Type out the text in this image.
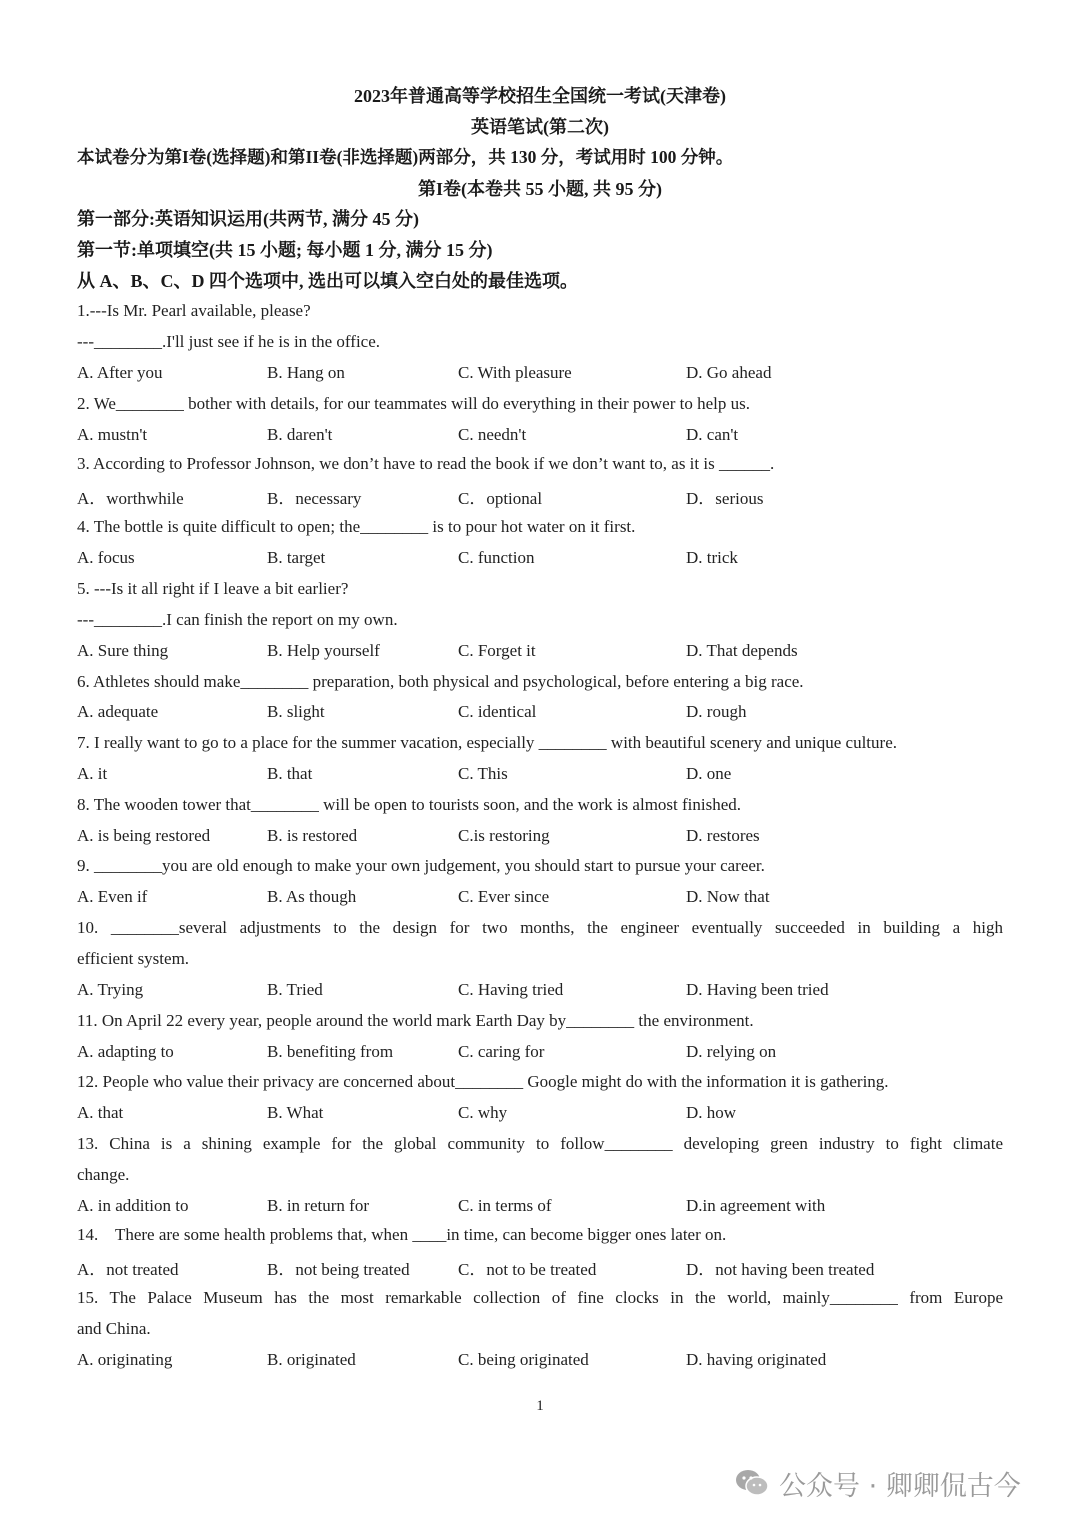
2023年普通高等学校招生全国统一考试(天津卷)
英语笔试(第二次)
本试卷分为第I卷(选择题)和第II卷(非选择题)两部分，共 130 分，考试用时 100 分钟。
第I卷(本卷共 55 小题, 共 95 分)
第一部分:英语知识运用(共两节, 满分 45 分)
第一节:单项填空(共 15 小题; 每小题 1 分, 满分 15 分)
从 A、B、C、D 四个选项中, 选出可以填入空白处的最佳选项。
1.---Is Mr. Pearl available, please?
---________.I'll just see if he is in the office.
A. After you	B. Hang on	C. With pleasure	D. Go ahead
2. We________ bother with details, for our teammates will do everything in their power to help us.
A. mustn't	B. daren't	C. needn't	D. can't
3. According to Professor Johnson, we don’t have to read the book if we don’t want to, as it is ______.
A．worthwhile	B．necessary	C．optional	D．serious
4. The bottle is quite difficult to open; the________ is to pour hot water on it first.
A. focus	B. target	C. function	D. trick
5. ---Is it all right if I leave a bit earlier?
---________.I can finish the report on my own.
A. Sure thing	B. Help yourself	C. Forget it	D. That depends
6. Athletes should make________ preparation, both physical and psychological, before entering a big race.
A. adequate	B. slight	C. identical	D. rough
7. I really want to go to a place for the summer vacation, especially ________ with beautiful scenery and unique culture.
A. it	B. that	C. This	D. one
8. The wooden tower that________ will be open to tourists soon, and the work is almost finished.
A. is being restored	B. is restored	C.is restoring	D. restores
9. ________you are old enough to make your own judgement, you should start to pursue your career.
A. Even if	B. As though	C. Ever since	D. Now that
10. ________several adjustments to the design for two months, the engineer eventually succeeded in building a high
efficient system.
A. Trying	B. Tried	C. Having tried	D. Having been tried
11. On April 22 every year, people around the world mark Earth Day by________ the environment.
A. adapting to	B. benefiting from	C. caring for	D. relying on
12. People who value their privacy are concerned about________ Google might do with the information it is gathering.
A. that	B. What	C. why	D. how
13. China is a shining example for the global community to follow________ developing green industry to fight climate
change.
A. in addition to	B. in return for	C. in terms of	D.in agreement with
14.    There are some health problems that, when ____in time, can become bigger ones later on.
A．not treated	B．not being treated	C．not to be treated	D．not having been treated
15. The Palace Museum has the most remarkable collection of fine clocks in the world, mainly________ from Europe
and China.
A. originating	B. originated	C. being originated	D. having originated
1
公众号 · 卿卿侃古今
